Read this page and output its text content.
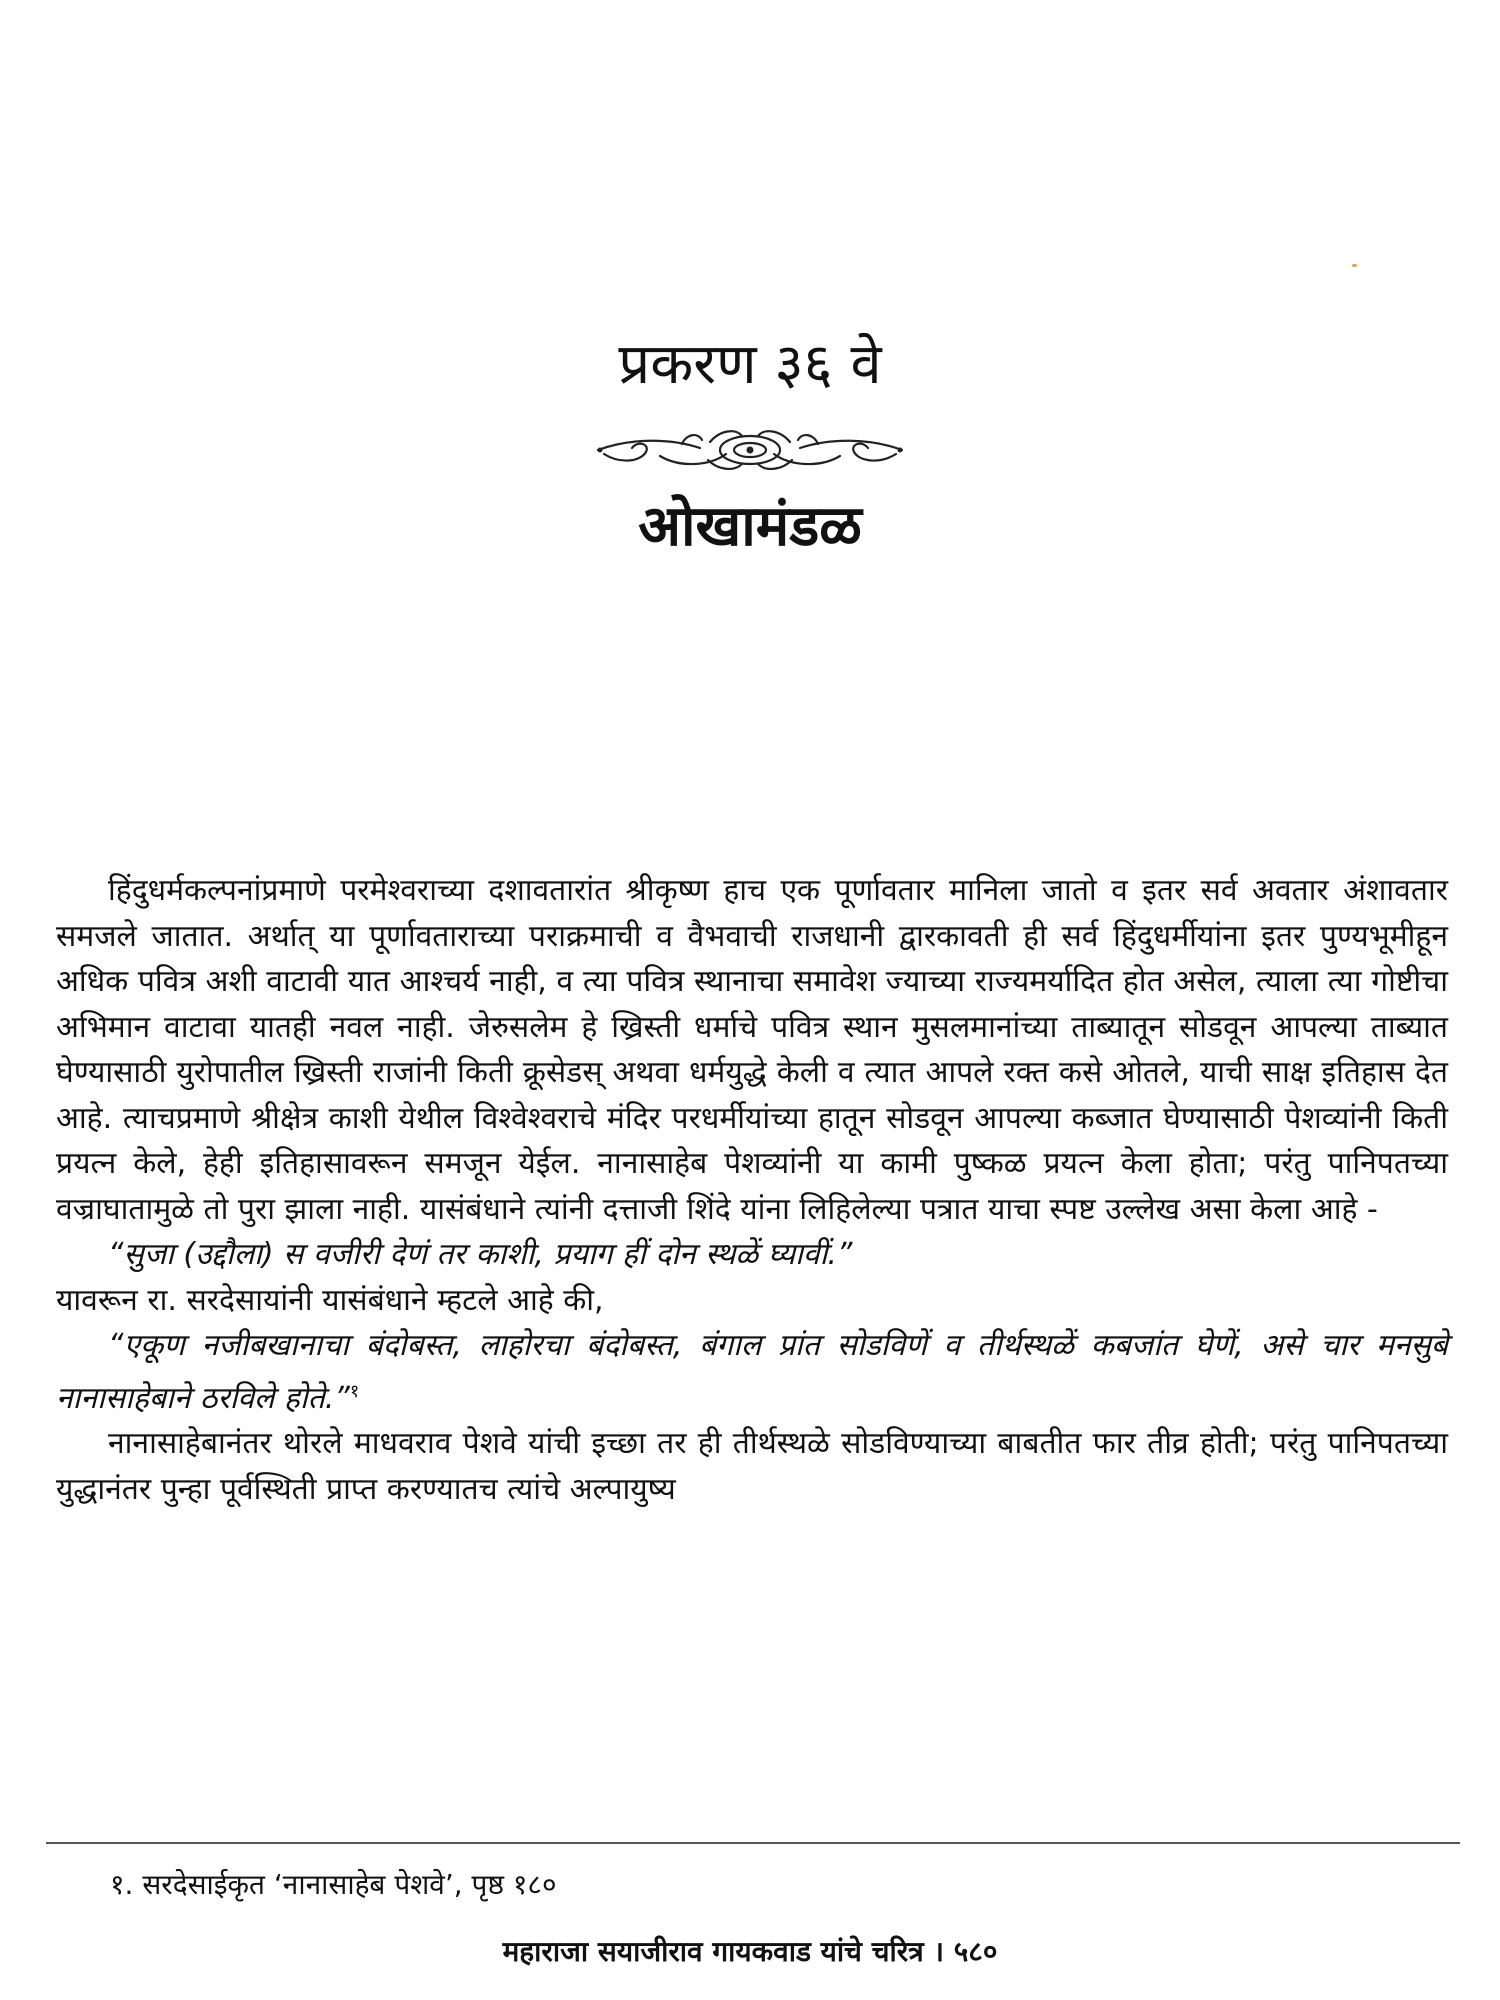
प्रकरण ३६ वे
ओखामंडळ

हिंदुधर्मकल्पनांप्रमाणे परमेश्वराच्या दशावतारांत श्रीकृष्ण हाच एक पूर्णावतार मानिला जातो व इतर सर्व अवतार अंशावतार समजले जातात. अर्थात् या पूर्णावताराच्या पराक्रमाची व वैभवाची राजधानी द्वारकावती ही सर्व हिंदुधर्मीयांना इतर पुण्यभूमीहून अधिक पवित्र अशी वाटावी यात आश्चर्य नाही, व त्या पवित्र स्थानाचा समावेश ज्याच्या राज्यमर्यादित होत असेल, त्याला त्या गोष्टीचा अभिमान वाटावा यातही नवल नाही. जेरुसलेम हे ख्रिस्ती धर्माचे पवित्र स्थान मुसलमानांच्या ताब्यातून सोडवून आपल्या ताब्यात घेण्यासाठी युरोपातील ख्रिस्ती राजांनी किती क्रूसेडस् अथवा धर्मयुद्धे केली व त्यात आपले रक्त कसे ओतले, याची साक्ष इतिहास देत आहे. त्याचप्रमाणे श्रीक्षेत्र काशी येथील विश्वेश्वराचे मंदिर परधर्मीयांच्या हातून सोडवून आपल्या कब्जात घेण्यासाठी पेशव्यांनी किती प्रयत्न केले, हेही इतिहासावरून समजून येईल. नानासाहेब पेशव्यांनी या कामी पुष्कळ प्रयत्न केला होता; परंतु पानिपतच्या वज्राघातामुळे तो पुरा झाला नाही. यासंबंधाने त्यांनी दत्ताजी शिंदे यांना लिहिलेल्या पत्रात याचा स्पष्ट उल्लेख असा केला आहे -

“सुजा (उद्दौला) स वजीरी देणं तर काशी, प्रयाग हीं दोन स्थळें घ्यावीं.”

यावरून रा. सरदेसायांनी यासंबंधाने म्हटले आहे की,

“एकूण नजीबखानाचा बंदोबस्त, लाहोरचा बंदोबस्त, बंगाल प्रांत सोडविणें व तीर्थस्थळें कबजांत घेणें, असे चार मनसुबे नानासाहेबाने ठरविले होते.”$^१$

नानासाहेबानंतर थोरले माधवराव पेशवे यांची इच्छा तर ही तीर्थस्थळे सोडविण्याच्या बाबतीत फार तीव्र होती; परंतु पानिपतच्या युद्धानंतर पुन्हा पूर्वस्थिती प्राप्त करण्यातच त्यांचे अल्पायुष्य

१. सरदेसाईकृत ‘नानासाहेब पेशवे’, पृष्ठ १८०
महाराजा सयाजीराव गायकवाड यांचे चरित्र । ५८०
